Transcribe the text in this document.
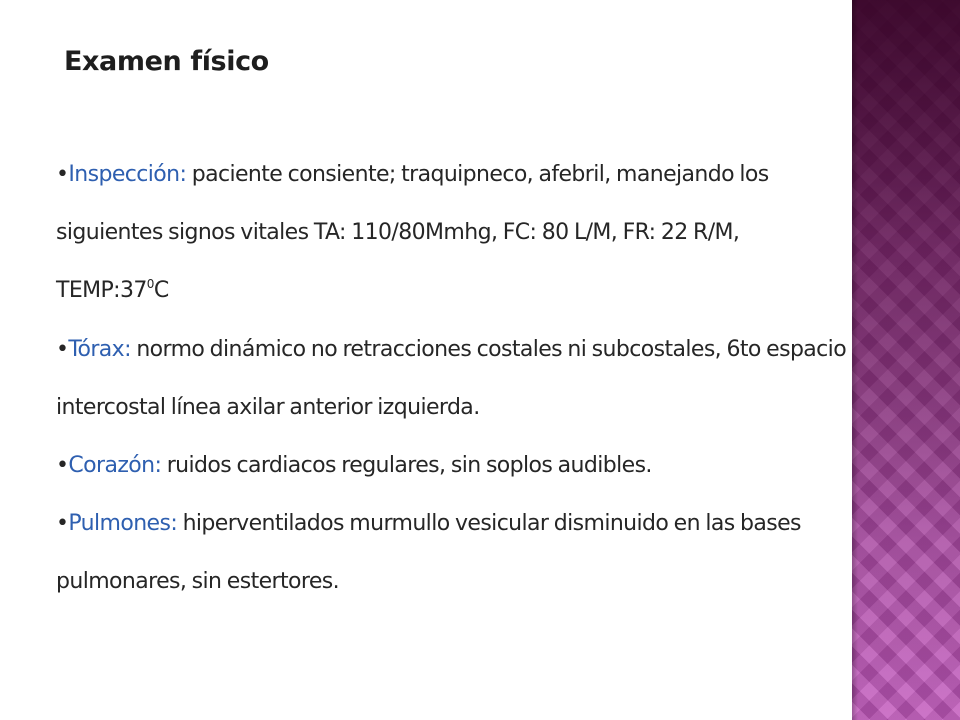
Examen físico

•Inspección: paciente consiente; traquipneco, afebril, manejando los siguientes signos vitales TA: 110/80Mmhg, FC: 80 L/M, FR: 22 R/M, $TEMP:37^0C$

•Tórax: normo dinámico no retracciones costales ni subcostales, 6to espacio intercostal línea axilar anterior izquierda.

•Corazón: ruidos cardiacos regulares, sin soplos audibles.

•Pulmones: hiperventilados murmullo vesicular disminuido en las bases pulmonares, sin estertores.
